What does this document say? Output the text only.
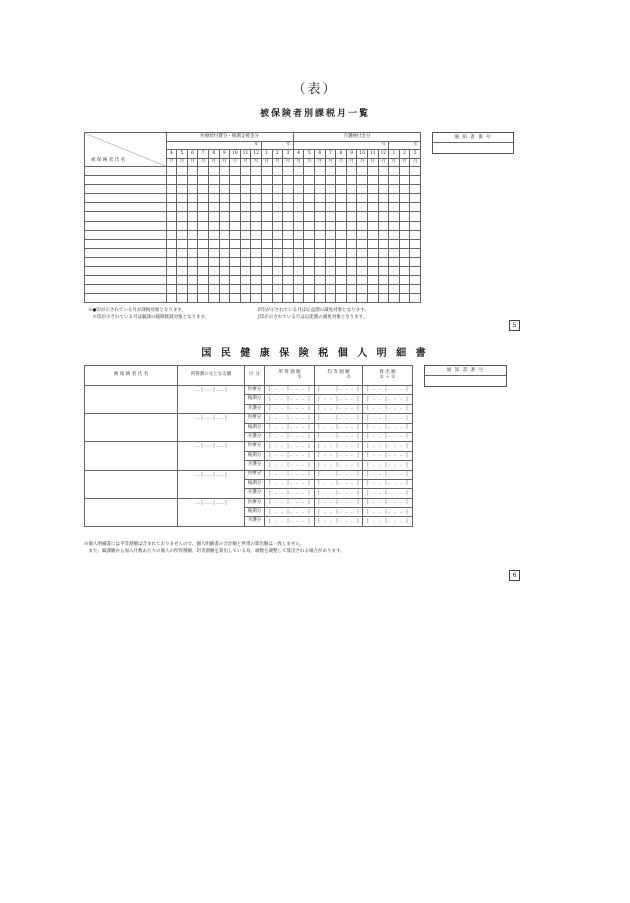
（表）
被保険者別課税月一覧
被 保 険 者 氏 名	医療給付費分・後期支援金分												介護納付金分											
	年									年			年									年		
	4	5	6	7	8	9	10	11	12	1	2	3	4	5	6	7	8	9	10	11	12	1	2	3
	月	月	月	月	月	月	月	月	月	月	月	月	月	月	月	月	月	月	月	月	月	月	月	月

通 知 書 番 号
※●印が示されている月が課税対象となります。
　※印が示されている月は賦課の縮限軽減対象となります。
F印が示されている月は応益割の減免対象となります。
J印が示されている月は応能割の減免対象となります。
5
国 民 健 康 保 険 税 個 人 明 細 書
被 保 険 者 氏 名	所得割の元となる額	区 分	所 得 割 額
①	均 等 割 額
②	算 出 額
① ＋ ②
	..|...|...|	医療分	| . . |. . . |	| . . |. . . |	| . . |. . . |
		後期分	| . . |. . . |	| . . |. . . |	| . . |. . . |
		介護分	| . . |. . . |	| . . |. . . |	| . . |. . . |
	..|...|...|	医療分	| . . |. . . |	| . . |. . . |	| . . |. . . |
		後期分	| . . |. . . |	| . . |. . . |	| . . |. . . |
		介護分	| . . |. . . |	| . . |. . . |	| . . |. . . |
	..|...|...|	医療分	| . . |. . . |	| . . |. . . |	| . . |. . . |
		後期分	| . . |. . . |	| . . |. . . |	| . . |. . . |
		介護分	| . . |. . . |	| . . |. . . |	| . . |. . . |
	..|...|...|	医療分	| . . |. . . |	| . . |. . . |	| . . |. . . |
		後期分	| . . |. . . |	| . . |. . . |	| . . |. . . |
		介護分	| . . |. . . |	| . . |. . . |	| . . |. . . |
	..|...|...|	医療分	| . . |. . . |	| . . |. . . |	| . . |. . . |
		後期分	| . . |. . . |	| . . |. . . |	| . . |. . . |
		介護分	| . . |. . . |	| . . |. . . |	| . . |. . . |
通 知 書 番 号
※個人明細書には平等割額は含まれておりませんので、個人明細書の合計額と世帯の算出額は一致しません。
　また、賦課額から加入月数あたりの個人の所得割額、均等割額を算出している為、端数を調整して算出される場合があります。
6
